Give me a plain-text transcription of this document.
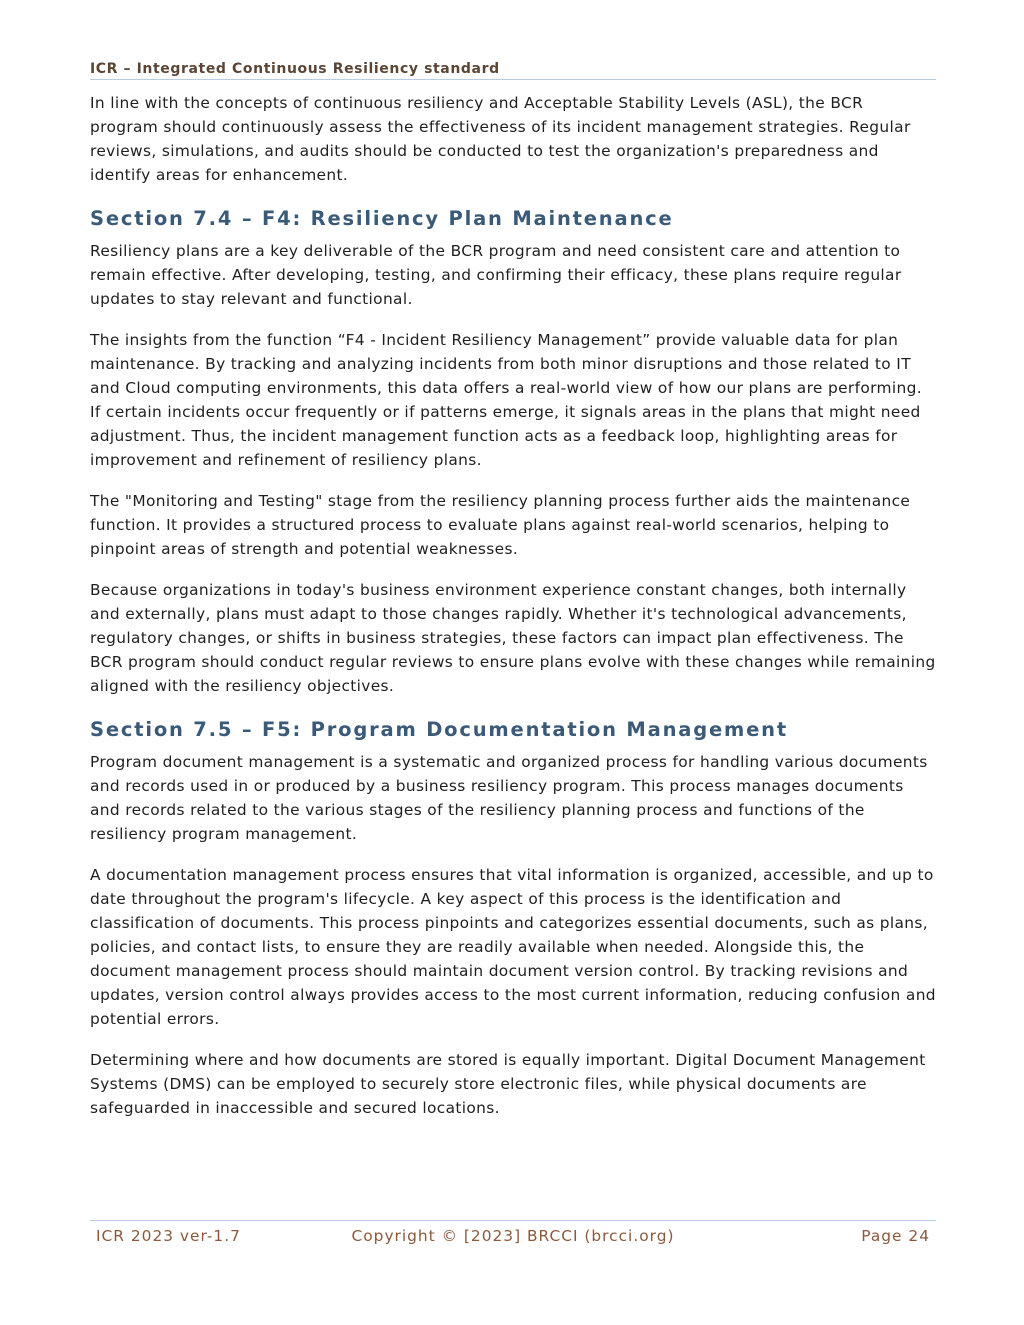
ICR – Integrated Continuous Resiliency standard

In line with the concepts of continuous resiliency and Acceptable Stability Levels (ASL), the BCR program should continuously assess the effectiveness of its incident management strategies. Regular reviews, simulations, and audits should be conducted to test the organization's preparedness and identify areas for enhancement.

Section 7.4 – F4: Resiliency Plan Maintenance

Resiliency plans are a key deliverable of the BCR program and need consistent care and attention to remain effective. After developing, testing, and confirming their efficacy, these plans require regular updates to stay relevant and functional.

The insights from the function “F4 - Incident Resiliency Management” provide valuable data for plan maintenance. By tracking and analyzing incidents from both minor disruptions and those related to IT and Cloud computing environments, this data offers a real-world view of how our plans are performing. If certain incidents occur frequently or if patterns emerge, it signals areas in the plans that might need adjustment. Thus, the incident management function acts as a feedback loop, highlighting areas for improvement and refinement of resiliency plans.

The "Monitoring and Testing" stage from the resiliency planning process further aids the maintenance function. It provides a structured process to evaluate plans against real-world scenarios, helping to pinpoint areas of strength and potential weaknesses.

Because organizations in today's business environment experience constant changes, both internally and externally, plans must adapt to those changes rapidly. Whether it's technological advancements, regulatory changes, or shifts in business strategies, these factors can impact plan effectiveness. The BCR program should conduct regular reviews to ensure plans evolve with these changes while remaining aligned with the resiliency objectives.

Section 7.5 – F5: Program Documentation Management

Program document management is a systematic and organized process for handling various documents and records used in or produced by a business resiliency program. This process manages documents and records related to the various stages of the resiliency planning process and functions of the resiliency program management.

A documentation management process ensures that vital information is organized, accessible, and up to date throughout the program's lifecycle. A key aspect of this process is the identification and classification of documents. This process pinpoints and categorizes essential documents, such as plans, policies, and contact lists, to ensure they are readily available when needed. Alongside this, the document management process should maintain document version control. By tracking revisions and updates, version control always provides access to the most current information, reducing confusion and potential errors.

Determining where and how documents are stored is equally important. Digital Document Management Systems (DMS) can be employed to securely store electronic files, while physical documents are safeguarded in inaccessible and secured locations.

ICR 2023 ver-1.7	Copyright © [2023] BRCCI (brcci.org)	Page 24
